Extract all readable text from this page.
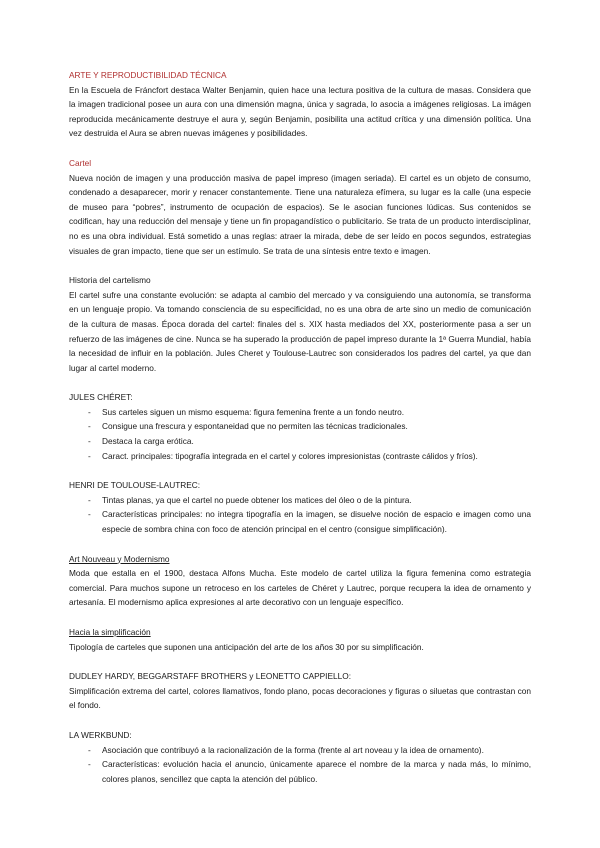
ARTE Y REPRODUCTIBILIDAD TÉCNICA

En la Escuela de Fráncfort destaca Walter Benjamin, quien hace una lectura positiva de la cultura de masas. Considera que la imagen tradicional posee un aura con una dimensión magna, única y sagrada, lo asocia a imágenes religiosas. La imágen reproducida mecánicamente destruye el aura y, según Benjamin, posibilita una actitud crítica y una dimensión política. Una vez destruida el Aura se abren nuevas imágenes y posibilidades.

Cartel

Nueva noción de imagen y una producción masiva de papel impreso (imagen seriada). El cartel es un objeto de consumo, condenado a desaparecer, morir y renacer constantemente. Tiene una naturaleza efímera, su lugar es la calle (una especie de museo para “pobres”, instrumento de ocupación de espacios). Se le asocian funciones lúdicas. Sus contenidos se codifican, hay una reducción del mensaje y tiene un fin propagandístico o publicitario. Se trata de un producto interdisciplinar, no es una obra individual. Está sometido a unas reglas: atraer la mirada, debe de ser leído en pocos segundos, estrategias visuales de gran impacto, tiene que ser un estímulo. Se trata de una síntesis entre texto e imagen.

Historia del cartelismo

El cartel sufre una constante evolución: se adapta al cambio del mercado y va consiguiendo una autonomía, se transforma en un lenguaje propio. Va tomando consciencia de su especificidad, no es una obra de arte sino un medio de comunicación de la cultura de masas. Época dorada del cartel: finales del s. XIX hasta mediados del XX, posteriormente pasa a ser un refuerzo de las imágenes de cine. Nunca se ha superado la producción de papel impreso durante la 1ª Guerra Mundial, había la necesidad de influir en la población. Jules Cheret y Toulouse-Lautrec son considerados los padres del cartel, ya que dan lugar al cartel moderno.

JULES CHÉRET:

- Sus carteles siguen un mismo esquema: figura femenina frente a un fondo neutro.
- Consigue una frescura y espontaneidad que no permiten las técnicas tradicionales.
- Destaca la carga erótica.
- Caract. principales: tipografía integrada en el cartel y colores impresionistas (contraste cálidos y fríos).

HENRI DE TOULOUSE-LAUTREC:

- Tintas planas, ya que el cartel no puede obtener los matices del óleo o de la pintura.
- Características principales: no integra tipografía en la imagen, se disuelve noción de espacio e imagen como una especie de sombra china con foco de atención principal en el centro (consigue simplificación).

Art Nouveau y Modernismo

Moda que estalla en el 1900, destaca Alfons Mucha. Este modelo de cartel utiliza la figura femenina como estrategia comercial. Para muchos supone un retroceso en los carteles de Chéret y Lautrec, porque recupera la idea de ornamento y artesanía. El modernismo aplica expresiones al arte decorativo con un lenguaje específico.

Hacia la simplificación

Tipología de carteles que suponen una anticipación del arte de los años 30 por su simplificación.

DUDLEY HARDY, BEGGARSTAFF BROTHERS y LEONETTO CAPPIELLO:

Simplificación extrema del cartel, colores llamativos, fondo plano, pocas decoraciones y figuras o siluetas que contrastan con el fondo.

LA WERKBUND:

- Asociación que contribuyó a la racionalización de la forma (frente al art noveau y la idea de ornamento).
- Características: evolución hacia el anuncio, únicamente aparece el nombre de la marca y nada más, lo mínimo, colores planos, sencillez que capta la atención del público.
